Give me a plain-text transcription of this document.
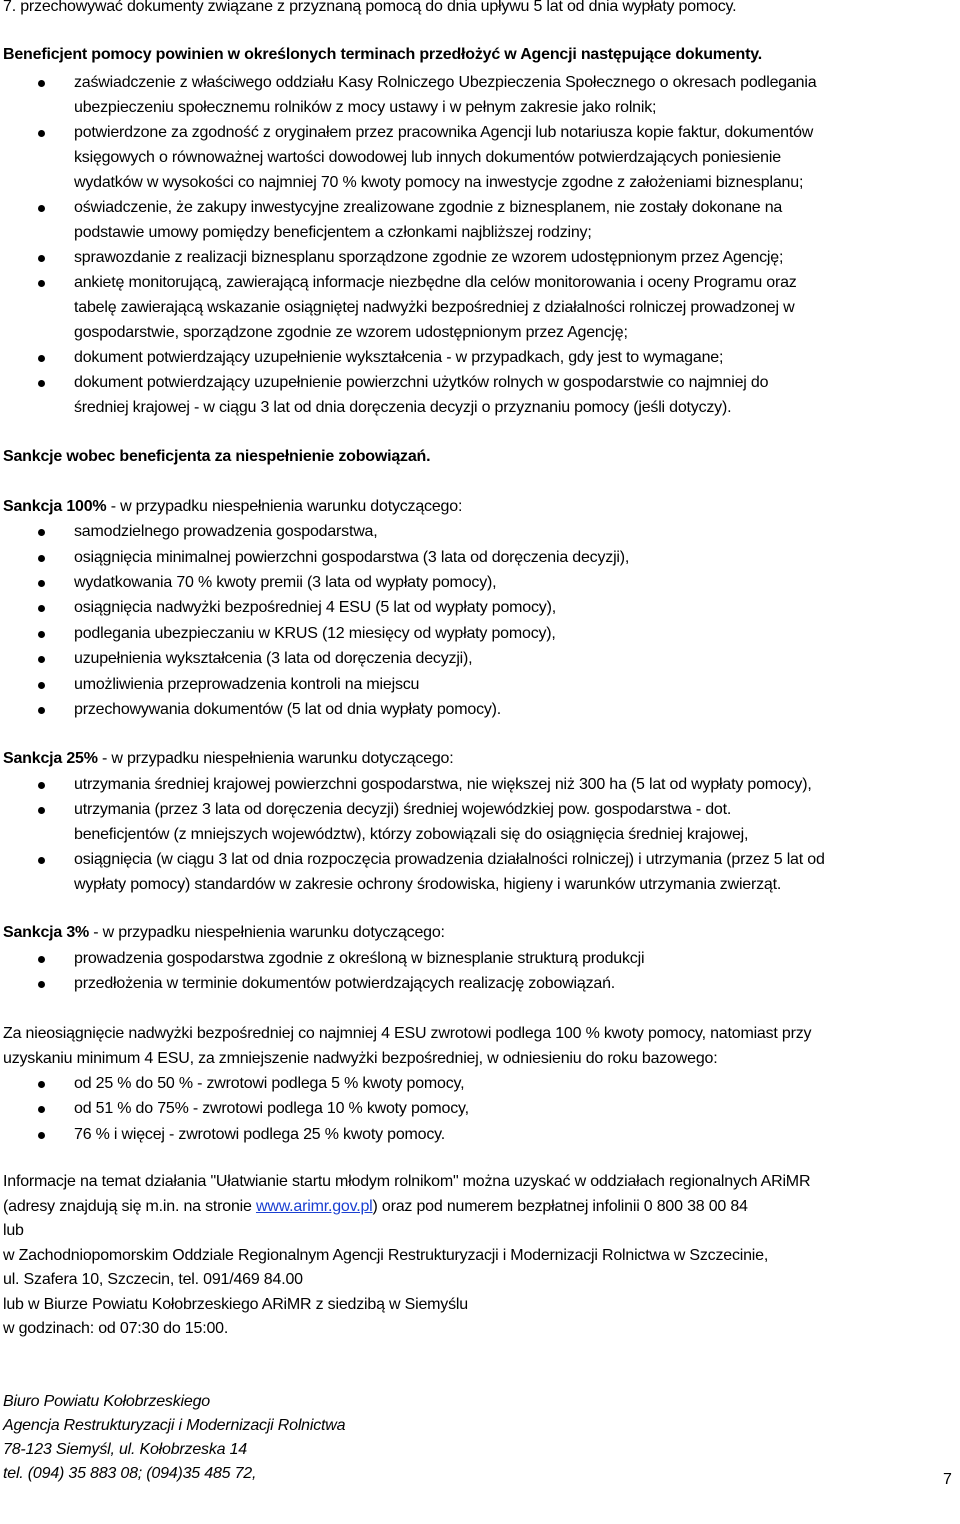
7. przechowywać dokumenty związane z przyznaną pomocą do dnia upływu 5 lat od dnia wypłaty pomocy.
Beneficjent pomocy powinien w określonych terminach przedłożyć w Agencji następujące dokumenty.
zaświadczenie z właściwego oddziału Kasy Rolniczego Ubezpieczenia Społecznego o okresach podlegania
ubezpieczeniu społecznemu rolników z mocy ustawy i w pełnym zakresie jako rolnik;
potwierdzone za zgodność z oryginałem przez pracownika Agencji lub notariusza kopie faktur, dokumentów
księgowych o równoważnej wartości dowodowej lub innych dokumentów potwierdzających poniesienie
wydatków w wysokości co najmniej 70 % kwoty pomocy na inwestycje zgodne z założeniami biznesplanu;
oświadczenie, że zakupy inwestycyjne zrealizowane zgodnie z biznesplanem, nie zostały dokonane na
podstawie umowy pomiędzy beneficjentem a członkami najbliższej rodziny;
sprawozdanie z realizacji biznesplanu sporządzone zgodnie ze wzorem udostępnionym przez Agencję;
ankietę monitorującą, zawierającą informacje niezbędne dla celów monitorowania i oceny Programu oraz
tabelę zawierającą wskazanie osiągniętej nadwyżki bezpośredniej z działalności rolniczej prowadzonej w
gospodarstwie, sporządzone zgodnie ze wzorem udostępnionym przez Agencję;
dokument potwierdzający uzupełnienie wykształcenia - w przypadkach, gdy jest to wymagane;
dokument potwierdzający uzupełnienie powierzchni użytków rolnych w gospodarstwie co najmniej do
średniej krajowej - w ciągu 3 lat od dnia doręczenia decyzji o przyznaniu pomocy (jeśli dotyczy).
Sankcje wobec beneficjenta za niespełnienie zobowiązań.
Sankcja 100% - w przypadku niespełnienia warunku dotyczącego:
samodzielnego prowadzenia gospodarstwa,
osiągnięcia minimalnej powierzchni gospodarstwa (3 lata od doręczenia decyzji),
wydatkowania 70 % kwoty premii (3 lata od wypłaty pomocy),
osiągnięcia nadwyżki bezpośredniej 4 ESU (5 lat od wypłaty pomocy),
podlegania ubezpieczaniu w KRUS (12 miesięcy od wypłaty pomocy),
uzupełnienia wykształcenia (3 lata od doręczenia decyzji),
umożliwienia przeprowadzenia kontroli na miejscu
przechowywania dokumentów (5 lat od dnia wypłaty pomocy).
Sankcja 25% - w przypadku niespełnienia warunku dotyczącego:
utrzymania średniej krajowej powierzchni gospodarstwa, nie większej niż 300 ha (5 lat od wypłaty pomocy),
utrzymania (przez 3 lata od doręczenia decyzji) średniej wojewódzkiej pow. gospodarstwa - dot.
beneficjentów (z mniejszych województw), którzy zobowiązali się do osiągnięcia średniej krajowej,
osiągnięcia (w ciągu 3 lat od dnia rozpoczęcia prowadzenia działalności rolniczej) i utrzymania (przez 5 lat od
wypłaty pomocy) standardów w zakresie ochrony środowiska, higieny i warunków utrzymania zwierząt.
Sankcja 3% - w przypadku niespełnienia warunku dotyczącego:
prowadzenia gospodarstwa zgodnie z określoną w biznesplanie strukturą produkcji
przedłożenia w terminie dokumentów potwierdzających realizację zobowiązań.
Za nieosiągnięcie nadwyżki bezpośredniej co najmniej 4 ESU zwrotowi podlega 100 % kwoty pomocy, natomiast przy
uzyskaniu minimum 4 ESU, za zmniejszenie nadwyżki bezpośredniej, w odniesieniu do roku bazowego:
od 25 % do 50 % - zwrotowi podlega 5 % kwoty pomocy,
od 51 % do 75% - zwrotowi podlega 10 % kwoty pomocy,
76 % i więcej - zwrotowi podlega 25 % kwoty pomocy.
Informacje na temat działania "Ułatwianie startu młodym rolnikom" można uzyskać w oddziałach regionalnych ARiMR
(adresy znajdują się m.in. na stronie www.arimr.gov.pl) oraz pod numerem bezpłatnej infolinii 0 800 38 00 84
lub
w Zachodniopomorskim Oddziale Regionalnym Agencji Restrukturyzacji i Modernizacji Rolnictwa w Szczecinie,
ul. Szafera 10, Szczecin, tel. 091/469 84.00
lub w Biurze Powiatu Kołobrzeskiego ARiMR z siedzibą w Siemyślu
w godzinach: od 07:30 do 15:00.
Biuro Powiatu Kołobrzeskiego
Agencja Restrukturyzacji i Modernizacji Rolnictwa
78-123 Siemyśl, ul. Kołobrzeska 14
tel. (094) 35 883 08; (094)35 485 72,	7
